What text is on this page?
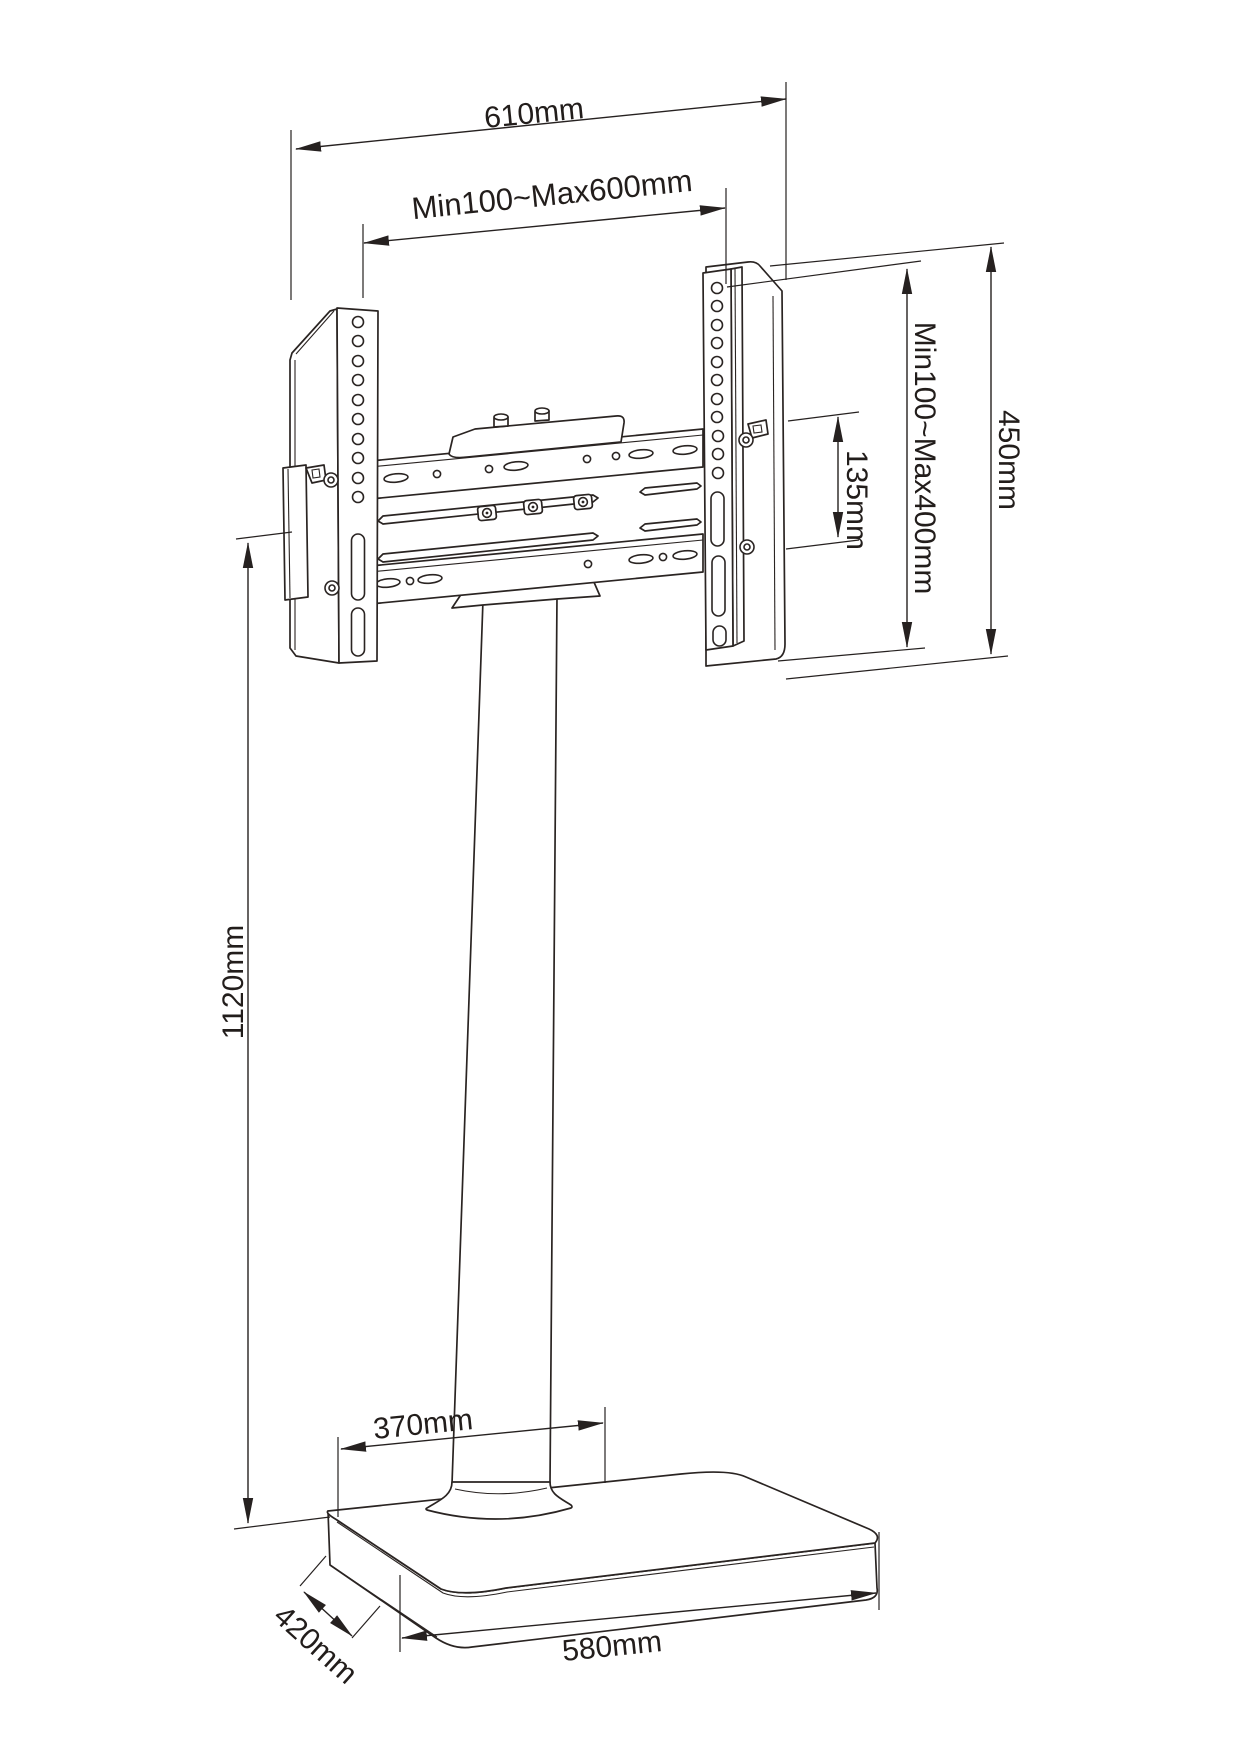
610mm
Min100~Max600mm
450mm
Min100~Max400mm
135mm
1120mm
370mm
580mm
420mm
